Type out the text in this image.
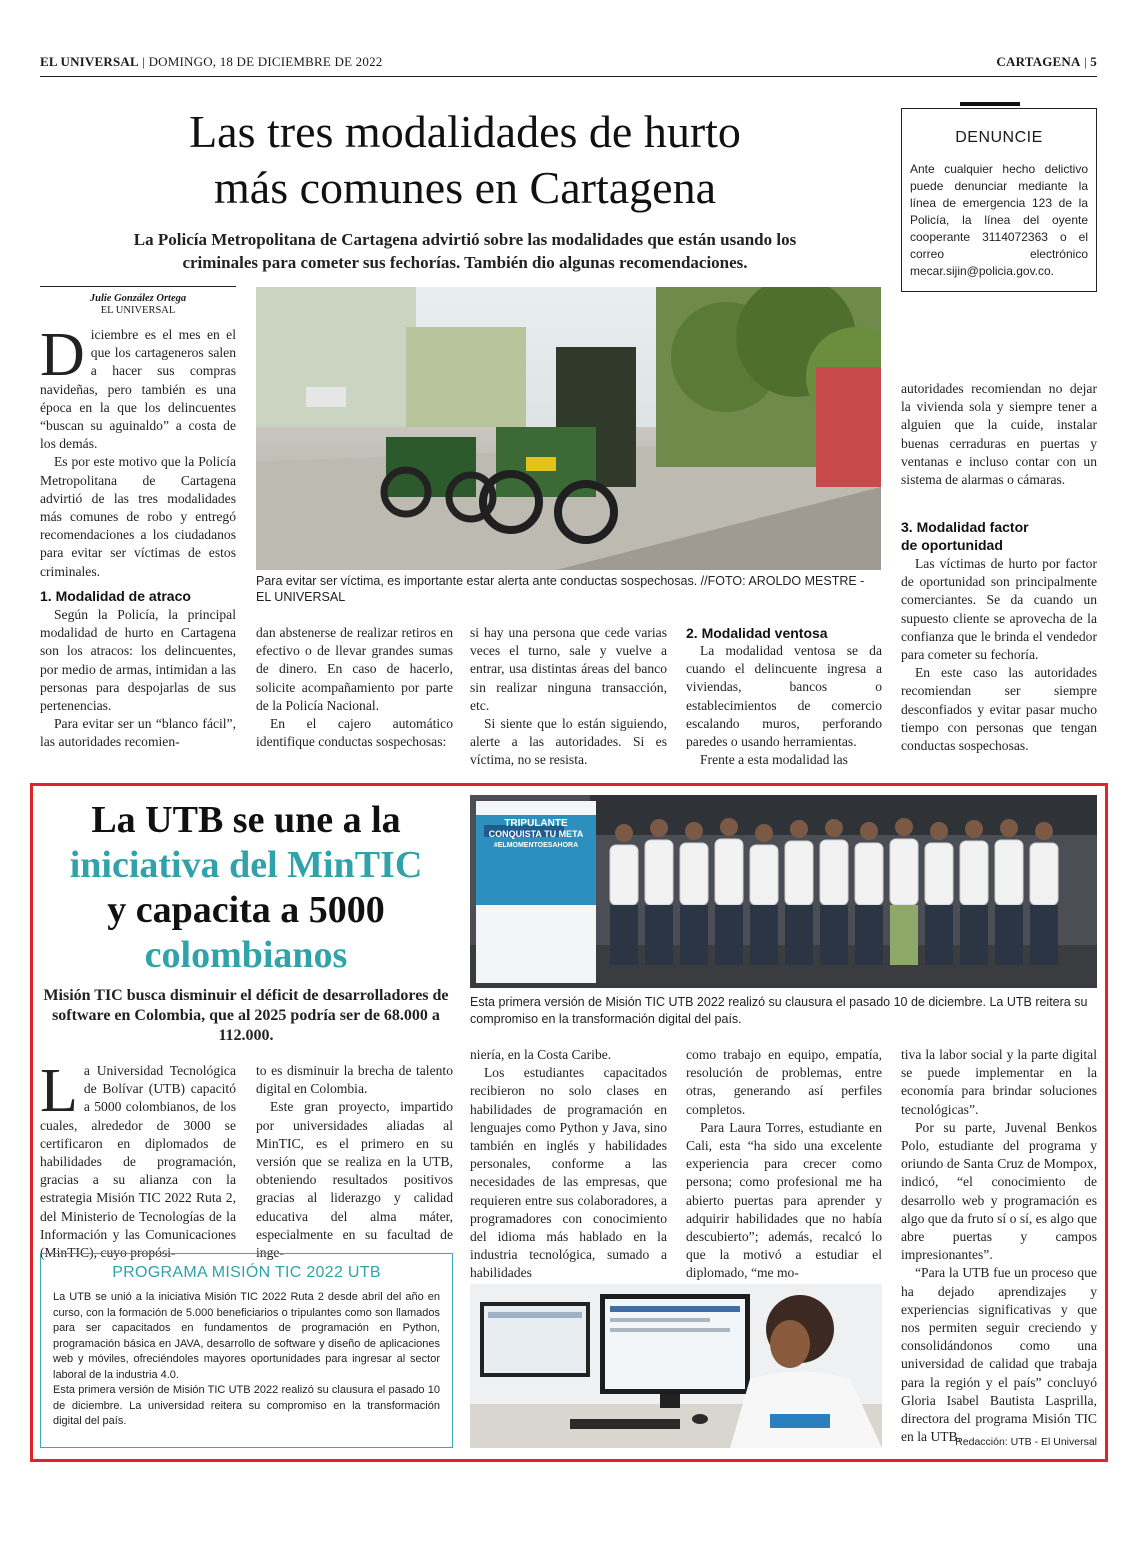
EL UNIVERSAL | DOMINGO, 18 DE DICIEMBRE DE 2022	CARTAGENA | 5
Las tres modalidades de hurto
más comunes en Cartagena
La Policía Metropolitana de Cartagena advirtió sobre las modalidades que están usando los
criminales para cometer sus fechorías. También dio algunas recomendaciones.
DENUNCIE
Ante cualquier hecho delictivo puede denunciar mediante la línea de emergencia 123 de la Policía, la línea del oyente cooperante 3114072363 o el correo electrónico mecar.sijin@policia.gov.co.
Julie González Ortega
EL UNIVERSAL

Diciembre es el mes en el que los cartageneros salen a hacer sus compras navideñas, pero también es una época en la que los delincuentes “buscan su aguinaldo” a costa de los demás.

Es por este motivo que la Policía Metropolitana de Cartagena advirtió de las tres modalidades más comunes de robo y entregó recomendaciones a los ciudadanos para evitar ser víctimas de estos criminales.

1. Modalidad de atraco

Según la Policía, la principal modalidad de hurto en Cartagena son los atracos: los delincuentes, por medio de armas, intimidan a las personas para despojarlas de sus pertenencias.

Para evitar ser un “blanco fácil”, las autoridades recomien-

Para evitar ser víctima, es importante estar alerta ante conductas sospechosas. //FOTO: AROLDO MESTRE - EL UNIVERSAL

dan abstenerse de realizar retiros en efectivo o de llevar grandes sumas de dinero. En caso de hacerlo, solicite acompañamiento por parte de la Policía Nacional.

En el cajero automático identifique conductas sospechosas:

si hay una persona que cede varias veces el turno, sale y vuelve a entrar, usa distintas áreas del banco sin realizar ninguna transacción, etc.

Si siente que lo están siguiendo, alerte a las autoridades. Si es víctima, no se resista.

2. Modalidad ventosa

La modalidad ventosa se da cuando el delincuente ingresa a viviendas, bancos o establecimientos de comercio escalando muros, perforando paredes o usando herramientas.

Frente a esta modalidad las

autoridades recomiendan no dejar la vivienda sola y siempre tener a alguien que la cuide, instalar buenas cerraduras en puertas y ventanas e incluso contar con un sistema de alarmas o cámaras.

3. Modalidad factor
de oportunidad

Las víctimas de hurto por factor de oportunidad son principalmente comerciantes. Se da cuando un supuesto cliente se aprovecha de la confianza que le brinda el vendedor para cometer su fechoría.

En este caso las autoridades recomiendan ser siempre desconfiados y evitar pasar mucho tiempo con personas que tengan conductas sospechosas.

La UTB se une a la
iniciativa del MinTIC
y capacita a 5000
colombianos
Misión TIC busca disminuir el déficit de desarrolladores de software en Colombia, que al 2025 podría ser de 68.000 a 112.000.
TRIPULANTE
CONQUISTA TU META
#ELMOMENTOESAHORA
Esta primera versión de Misión TIC UTB 2022 realizó su clausura el pasado 10 de diciembre. La UTB reitera su compromiso en la transformación digital del país.

La Universidad Tecnológica de Bolívar (UTB) capacitó a 5000 colombianos, de los cuales, alrededor de 3000 se certificaron en diplomados de habilidades de programación, gracias a su alianza con la estrategia Misión TIC 2022 Ruta 2, del Ministerio de Tecnologías de la Información y las Comunicaciones (MinTIC), cuyo propósi-

to es disminuir la brecha de talento digital en Colombia.

Este gran proyecto, impartido por universidades aliadas al MinTIC, es el primero en su versión que se realiza en la UTB, obteniendo resultados positivos gracias al liderazgo y calidad educativa del alma máter, especialmente en su facultad de inge-

niería, en la Costa Caribe.

Los estudiantes capacitados recibieron no solo clases en habilidades de programación en lenguajes como Python y Java, sino también en inglés y habilidades personales, conforme a las necesidades de las empresas, que requieren entre sus colaboradores, a programadores con conocimiento del idioma más hablado en la industria tecnológica, sumado a habilidades

como trabajo en equipo, empatía, resolución de problemas, entre otras, generando así perfiles completos.

Para Laura Torres, estudiante en Cali, esta “ha sido una excelente experiencia para crecer como persona; como profesional me ha abierto puertas para aprender y adquirir habilidades que no había descubierto”; además, recalcó lo que la motivó a estudiar el diplomado, “me mo-

tiva la labor social y la parte digital se puede implementar en la economía para brindar soluciones tecnológicas”.

Por su parte, Juvenal Benkos Polo, estudiante del programa y oriundo de Santa Cruz de Mompox, indicó, “el conocimiento de desarrollo web y programación es algo que da fruto sí o sí, es algo que abre puertas y campos impresionantes”.

“Para la UTB fue un proceso que ha dejado aprendizajes y experiencias significativas y que nos permiten seguir creciendo y consolidándonos como una universidad de calidad que trabaja para la región y el país” concluyó Gloria Isabel Bautista Lasprilla, directora del programa Misión TIC en la UTB.

Redacción: UTB - El Universal
PROGRAMA MISIÓN TIC 2022 UTB
La UTB se unió a la iniciativa Misión TIC 2022 Ruta 2 desde abril del año en curso, con la formación de 5.000 beneficiarios o tripulantes como son llamados para ser capacitados en fundamentos de programación en Python, programación básica en JAVA, desarrollo de software y diseño de aplicaciones web y móviles, ofreciéndoles mayores oportunidades para ingresar al sector laboral de la industria 4.0.
Esta primera versión de Misión TIC UTB 2022 realizó su clausura el pasado 10 de diciembre. La universidad reitera su compromiso en la transformación digital del país.
